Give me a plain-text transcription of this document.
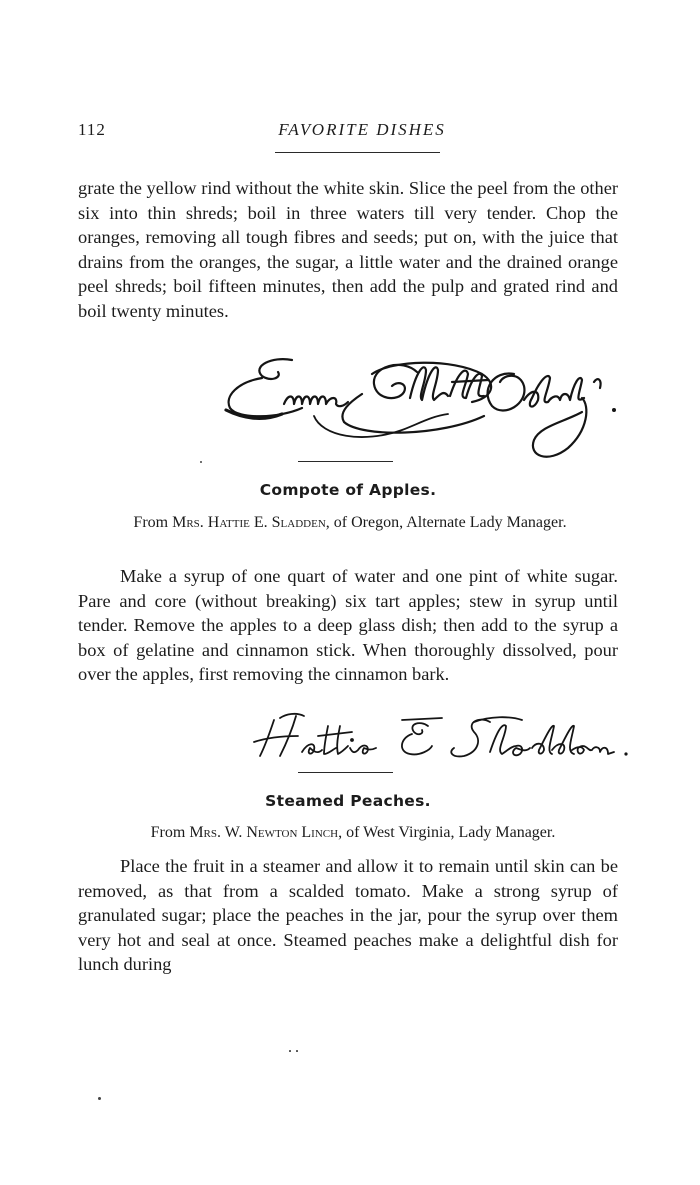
112	FAVORITE DISHES

grate the yellow rind without the white skin. Slice the peel from the other six into thin shreds; boil in three waters till very tender. Chop the oranges, removing all tough fibres and seeds; put on, with the juice that drains from the oranges, the sugar, a little water and the drained orange peel shreds; boil fifteen minutes, then add the pulp and grated rind and boil twenty minutes.

Compote of Apples.

From Mrs. Hattie E. Sladden, of Oregon, Alternate Lady Manager.

Make a syrup of one quart of water and one pint of white sugar. Pare and core (without breaking) six tart apples; stew in syrup until tender. Remove the apples to a deep glass dish; then add to the syrup a box of gelatine and cinnamon stick. When thoroughly dissolved, pour over the apples, first removing the cinnamon bark.

Steamed Peaches.

From Mrs. W. Newton Linch, of West Virginia, Lady Manager.

Place the fruit in a steamer and allow it to remain until skin can be removed, as that from a scalded tomato. Make a strong syrup of granulated sugar; place the peaches in the jar, pour the syrup over them very hot and seal at once. Steamed peaches make a delightful dish for lunch during
